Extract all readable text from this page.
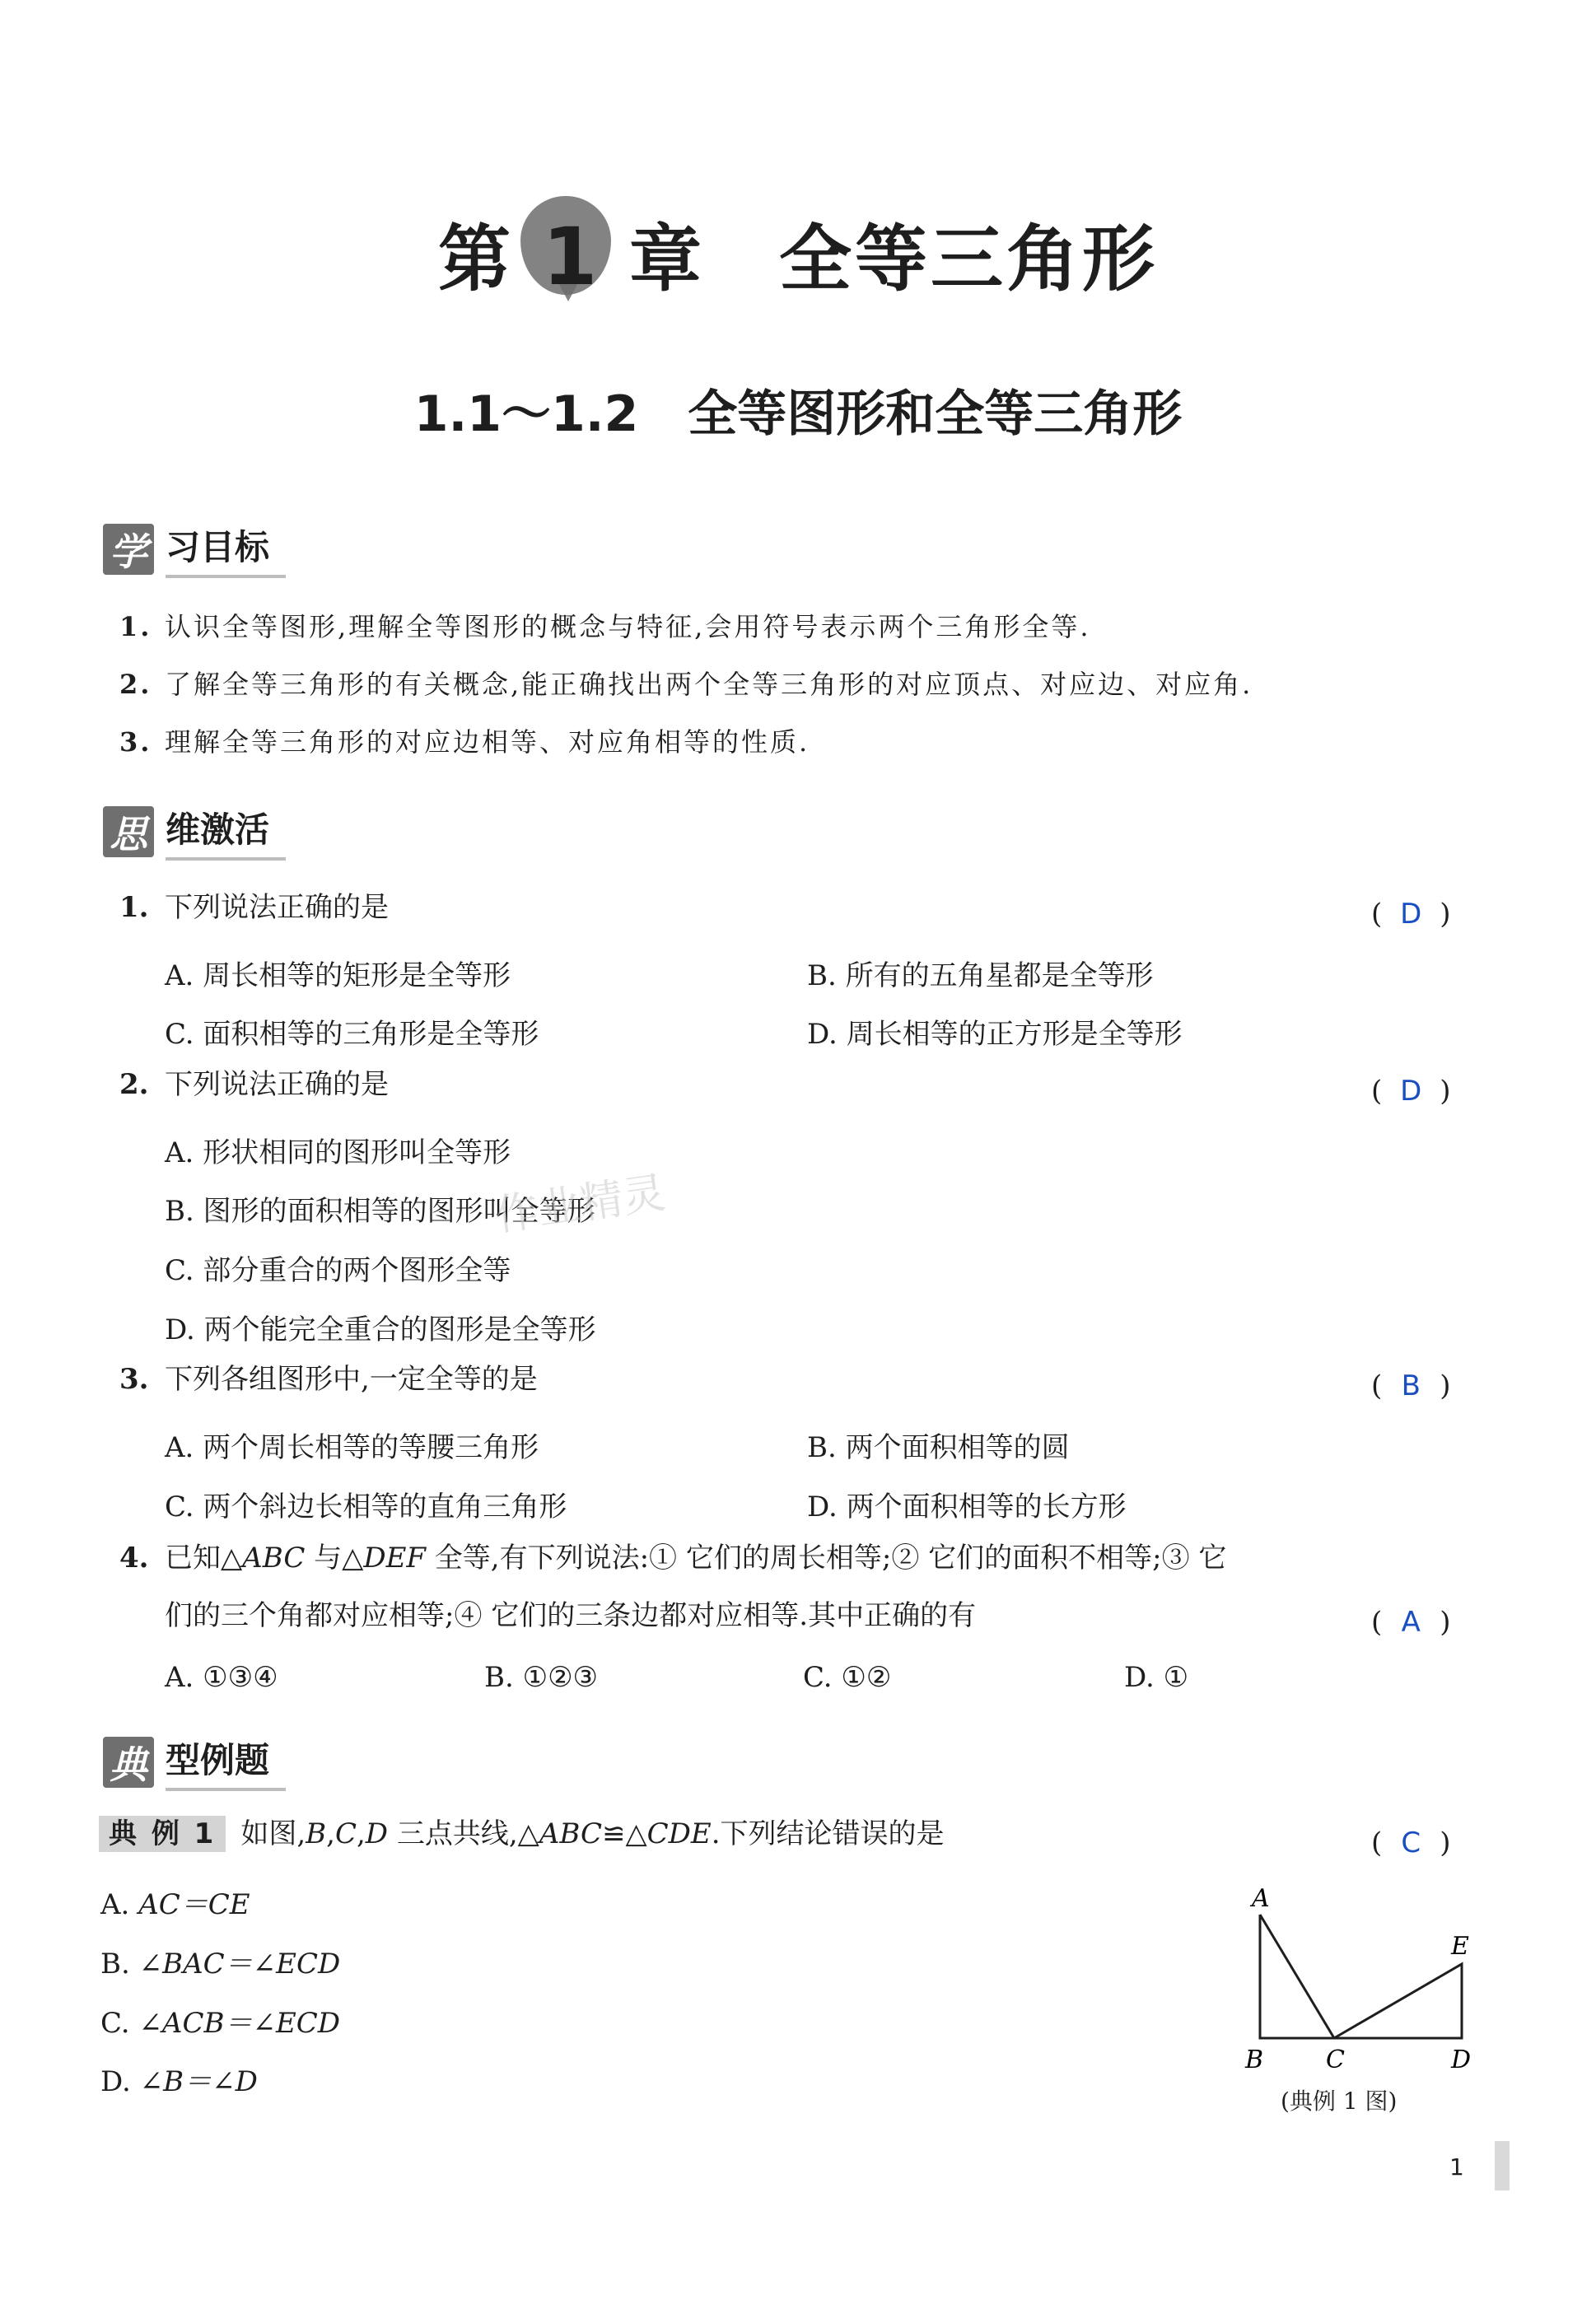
第 1 章 全等三角形
1.1～1.2 全等图形和全等三角形
学 习目标
1. 认识全等图形,理解全等图形的概念与特征,会用符号表示两个三角形全等.
2. 了解全等三角形的有关概念,能正确找出两个全等三角形的对应顶点、对应边、对应角.
3. 理解全等三角形的对应边相等、对应角相等的性质.
思 维激活
1. 下列说法正确的是	( D )
A. 周长相等的矩形是全等形	B. 所有的五角星都是全等形
C. 面积相等的三角形是全等形	D. 周长相等的正方形是全等形
2. 下列说法正确的是	( D )
A. 形状相同的图形叫全等形
B. 图形的面积相等的图形叫全等形
C. 部分重合的两个图形全等
D. 两个能完全重合的图形是全等形
作业精灵
3. 下列各组图形中,一定全等的是	( B )
A. 两个周长相等的等腰三角形	B. 两个面积相等的圆
C. 两个斜边长相等的直角三角形	D. 两个面积相等的长方形
4. 已知△ABC 与△DEF 全等,有下列说法:① 它们的周长相等;② 它们的面积不相等;③ 它
们的三个角都对应相等;④ 它们的三条边都对应相等.其中正确的有	( A )
A. ①③④	B. ①②③	C. ①②	D. ①
典 型例题
典 例 1 如图,B,C,D 三点共线,△ABC≌△CDE.下列结论错误的是	( C )
A. AC＝CE
B. ∠BAC＝∠ECD
C. ∠ACB＝∠ECD
D. ∠B＝∠D
A
B	C	D
E
(典例 1 图)
1
